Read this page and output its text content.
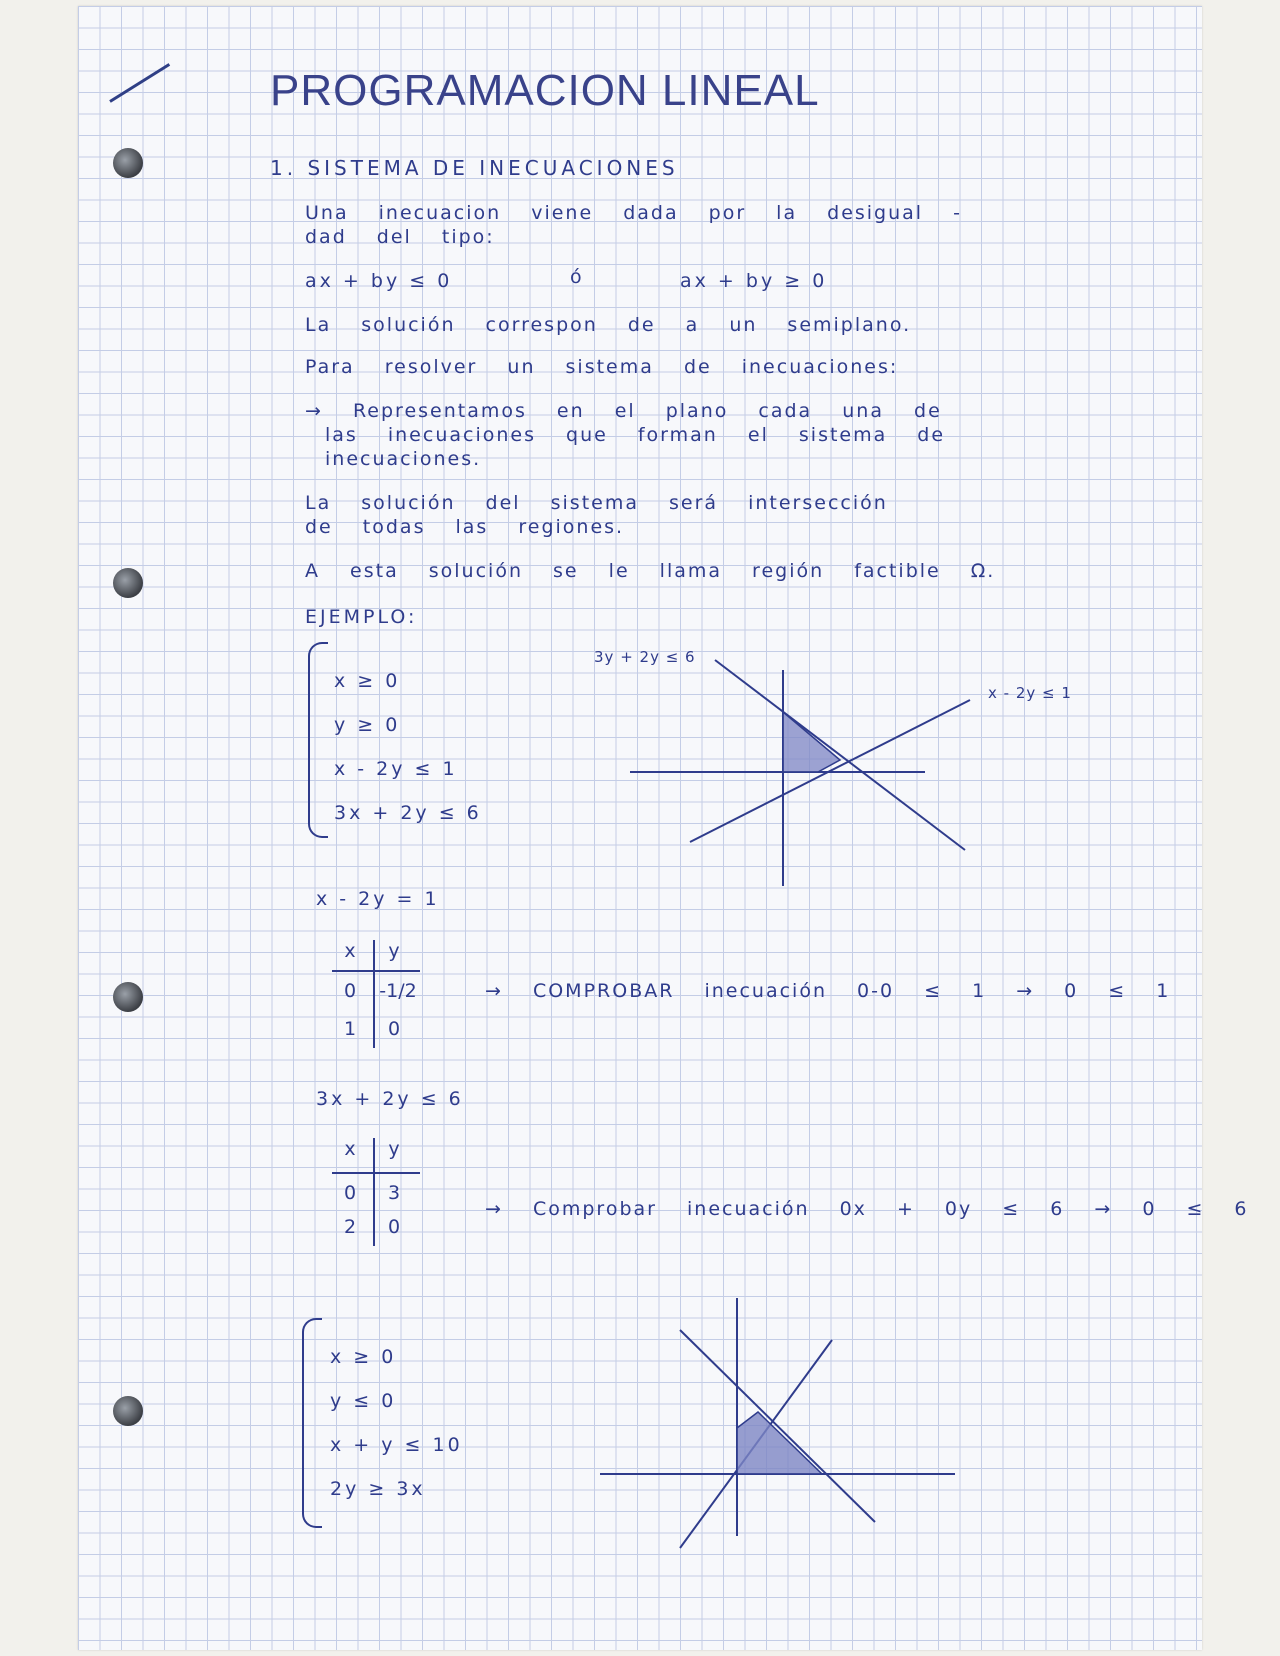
PROGRAMACION LINEAL
1. SISTEMA DE INECUACIONES
Una inecuacion viene dada por la desigual -
dad del tipo:
ax + by ≤ 0	ó	ax + by ≥ 0
La solución correspon de a un semiplano.
Para resolver un sistema de inecuaciones:
→ Representamos en el plano cada una de
las inecuaciones que forman el sistema de
inecuaciones.
La solución del sistema será intersección
de todas las regiones.
A esta solución se le llama región factible Ω.
EJEMPLO:
x ≥ 0
y ≥ 0
x - 2y ≤ 1
3x + 2y ≤ 6
3y + 2y ≤ 6
x - 2y ≤ 1
x - 2y = 1
x	y
0	-1/2
1	0
→ COMPROBAR inecuación 0-0 ≤ 1 → 0 ≤ 1
3x + 2y ≤ 6
x	y
0	3
2	0
→ Comprobar inecuación 0x + 0y ≤ 6 → 0 ≤ 6
x ≥ 0
y ≤ 0
x + y ≤ 10
2y ≥ 3x
